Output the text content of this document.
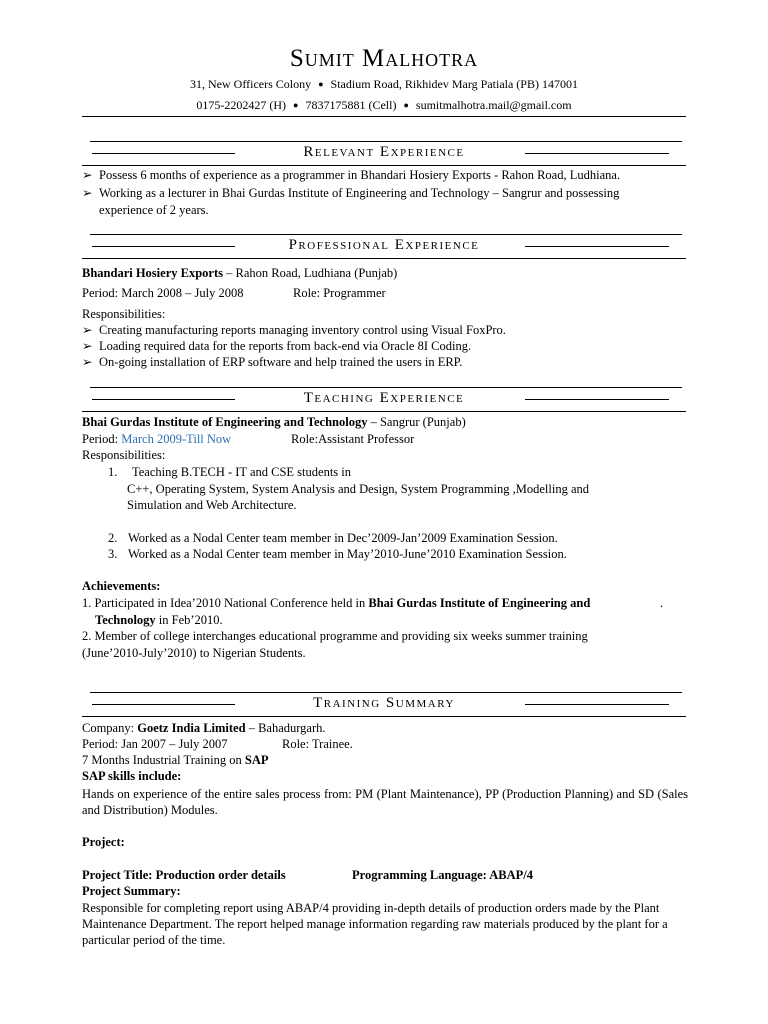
Sumit Malhotra
31, New Officers Colony ● Stadium Road, Rikhidev Marg Patiala (PB) 147001
0175-2202427 (H) ● 7837175881 (Cell) ● sumitmalhotra.mail@gmail.com
Relevant Experience
➢ Possess 6 months of experience as a programmer in Bhandari Hosiery Exports - Rahon Road, Ludhiana.
➢ Working as a lecturer in Bhai Gurdas Institute of Engineering and Technology – Sangrur and possessing
experience of 2 years.
Professional Experience
Bhandari Hosiery Exports – Rahon Road, Ludhiana (Punjab)
Period: March 2008 – July 2008	Role: Programmer
Responsibilities:
➢ Creating manufacturing reports managing inventory control using Visual FoxPro.
➢ Loading required data for the reports from back-end via Oracle 8I Coding.
➢ On-going installation of ERP software and help trained the users in ERP.
Teaching Experience
Bhai Gurdas Institute of Engineering and Technology – Sangrur (Punjab)
Period: March 2009-Till Now	Role:Assistant Professor
Responsibilities:
1. Teaching B.TECH - IT and CSE students in
C++, Operating System, System Analysis and Design, System Programming ,Modelling and
Simulation and Web Architecture.
2. Worked as a Nodal Center team member in Dec’2009-Jan’2009 Examination Session.
3. Worked as a Nodal Center team member in May’2010-June’2010 Examination Session.
Achievements:
1. Participated in Idea’2010 National Conference held in Bhai Gurdas Institute of Engineering and	.
Technology in Feb’2010.
2. Member of college interchanges educational programme and providing six weeks summer training
(June’2010-July’2010) to Nigerian Students.
Training Summary
Company: Goetz India Limited – Bahadurgarh.
Period: Jan 2007 – July 2007	Role: Trainee.
7 Months Industrial Training on SAP
SAP skills include:
Hands on experience of the entire sales process from: PM (Plant Maintenance), PP (Production Planning) and SD (Sales and Distribution) Modules.
Project:
Project Title: Production order details	Programming Language: ABAP/4
Project Summary:
Responsible for completing report using ABAP/4 providing in-depth details of production orders made by the Plant Maintenance Department. The report helped manage information regarding raw materials produced by the plant for a particular period of the time.
